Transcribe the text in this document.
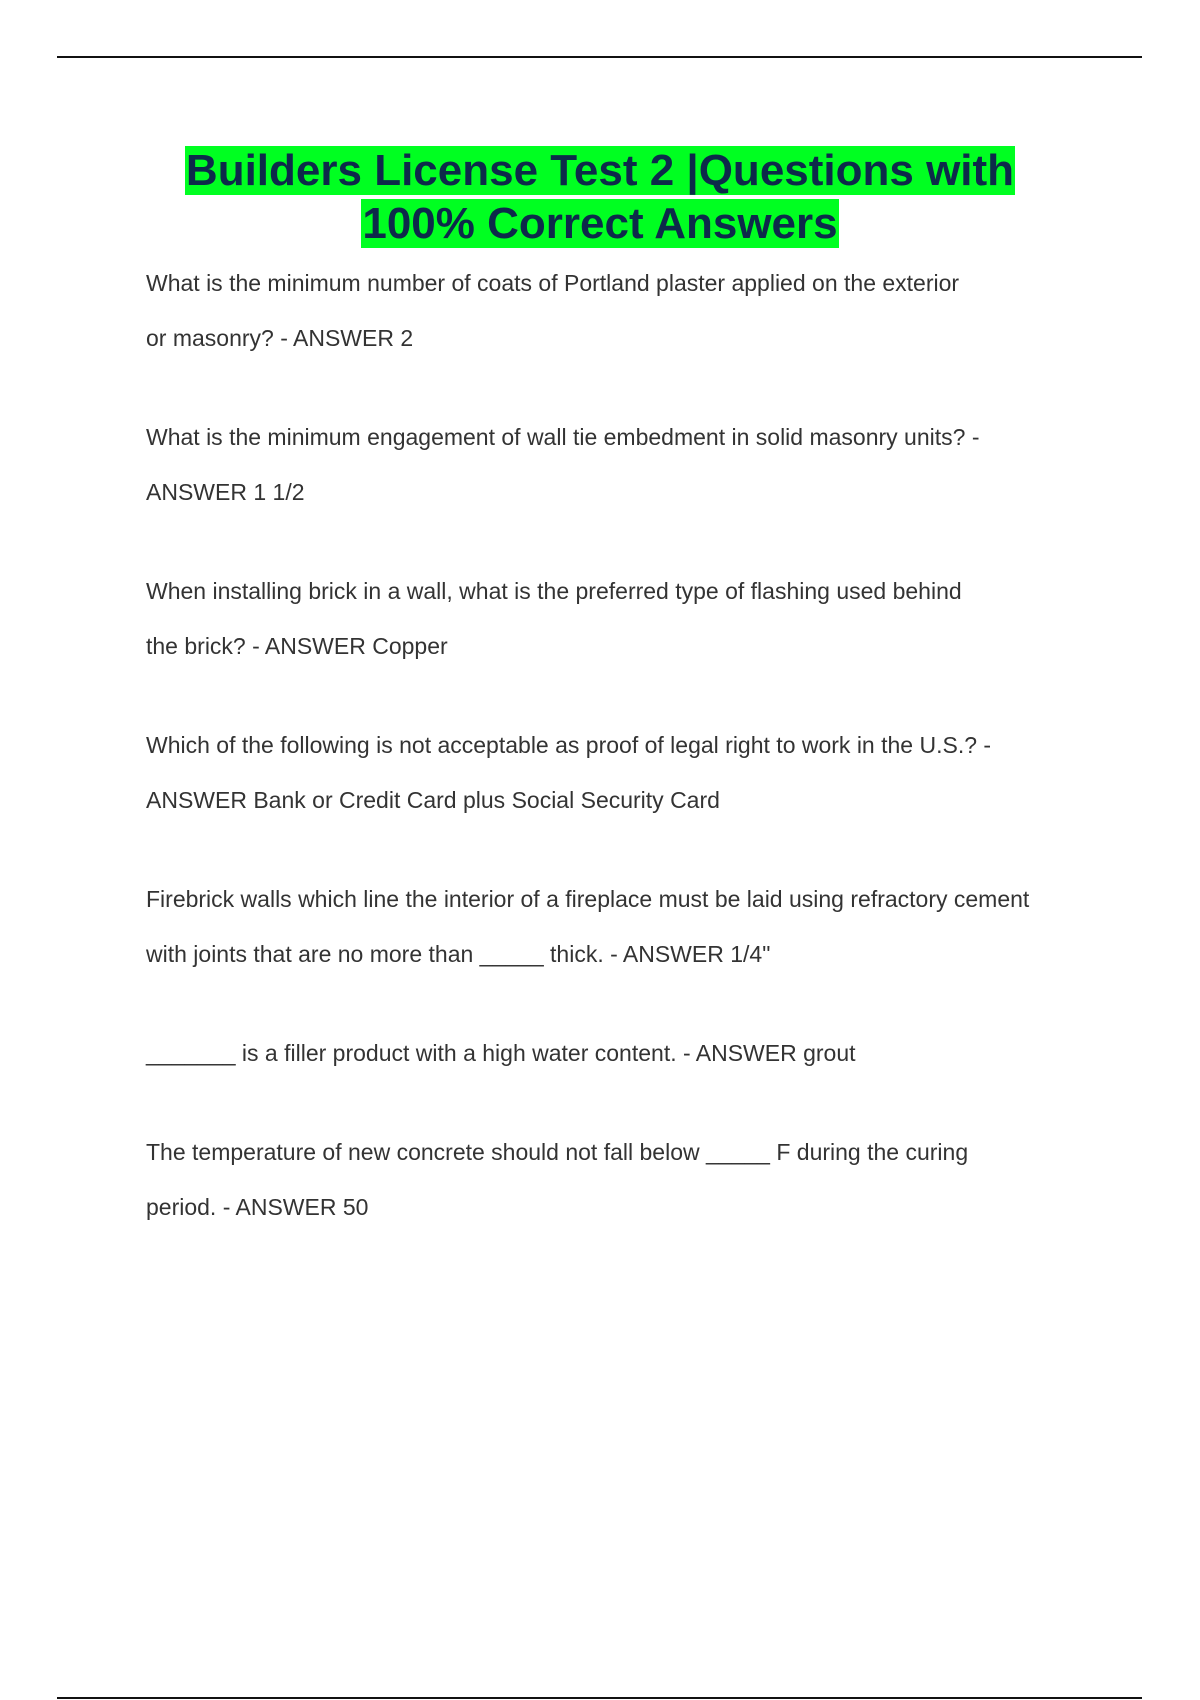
Builders License Test 2 |Questions with
100% Correct Answers

What is the minimum number of coats of Portland plaster applied on the exterior
or masonry? - ANSWER 2

What is the minimum engagement of wall tie embedment in solid masonry units? -
ANSWER 1 1/2

When installing brick in a wall, what is the preferred type of flashing used behind
the brick? - ANSWER Copper

Which of the following is not acceptable as proof of legal right to work in the U.S.? -
ANSWER Bank or Credit Card plus Social Security Card

Firebrick walls which line the interior of a fireplace must be laid using refractory cement
with joints that are no more than _____ thick. - ANSWER 1/4"

_______ is a filler product with a high water content. - ANSWER grout

The temperature of new concrete should not fall below _____ F during the curing
period. - ANSWER 50
